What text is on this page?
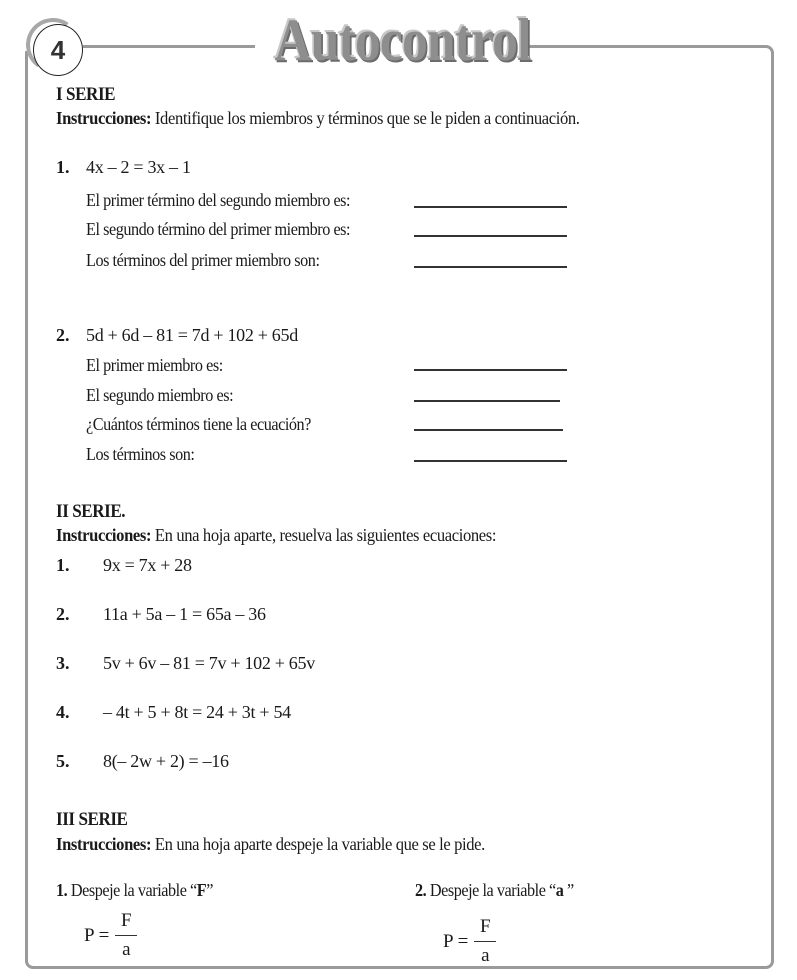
4	Autocontrol
I SERIE
Instrucciones: Identifique los miembros y términos que se le piden a continuación.
1. 4x – 2 = 3x – 1
El primer término del segundo miembro es:
El segundo término del primer miembro es:
Los términos del primer miembro son:
2. 5d + 6d – 81 = 7d + 102 + 65d
El primer miembro es:
El segundo miembro es:
¿Cuántos términos tiene la ecuación?
Los términos son:
II SERIE.
Instrucciones: En una hoja aparte, resuelva las siguientes ecuaciones:
1. 9x = 7x + 28
2. 11a + 5a – 1 = 65a – 36
3. 5v + 6v – 81 = 7v + 102 + 65v
4. – 4t + 5 + 8t = 24 + 3t + 54
5. 8(– 2w + 2) = –16
III SERIE
Instrucciones: En una hoja aparte despeje la variable que se le pide.
1. Despeje la variable “F”
P =
F
a
2. Despeje la variable “a ”
P =
F
a
